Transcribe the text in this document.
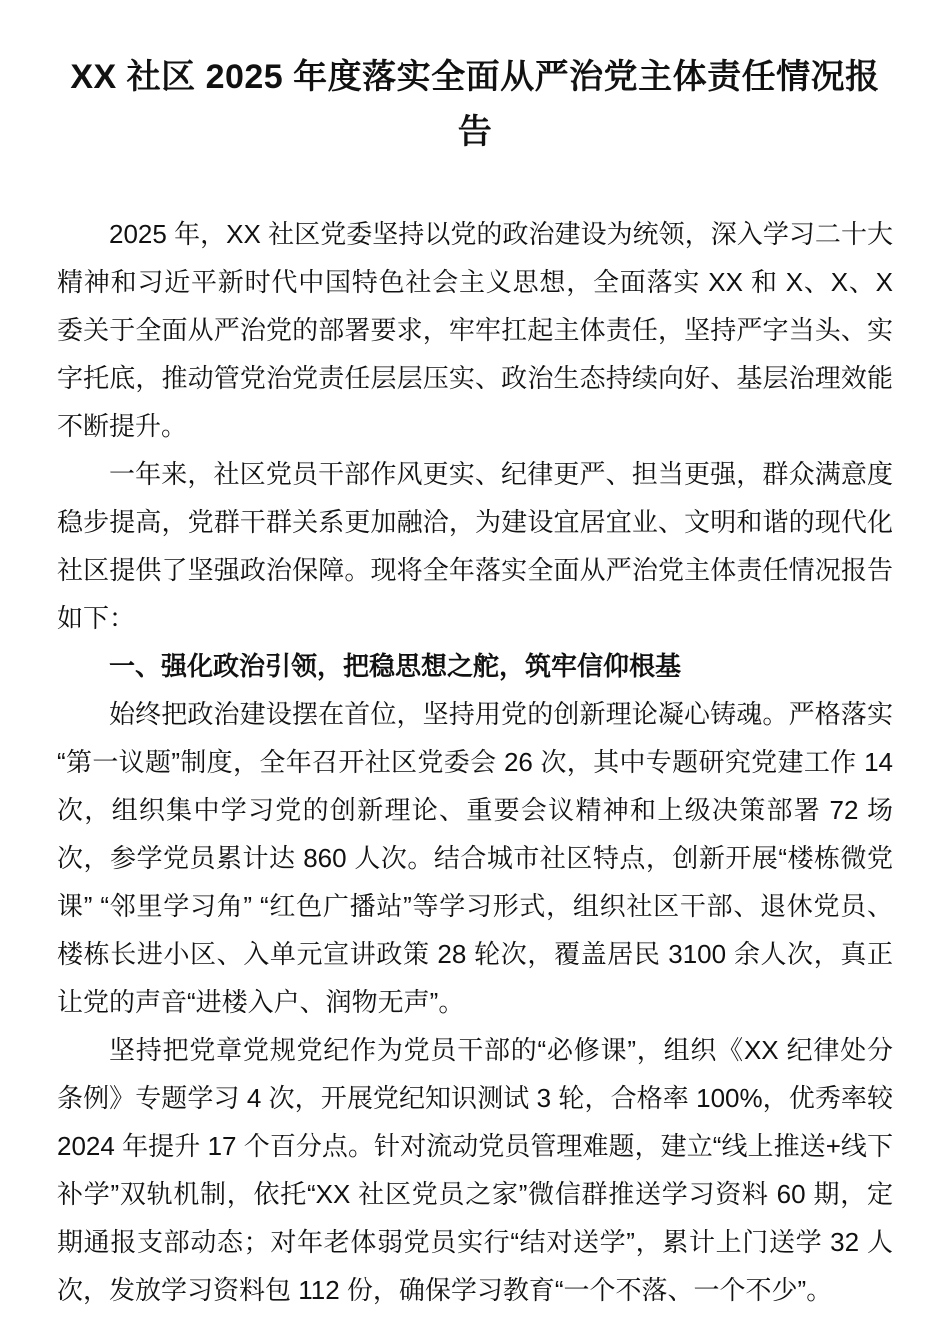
XX 社区 2025 年度落实全面从严治党主体责任情况报告

2025 年，XX 社区党委坚持以党的政治建设为统领，深入学习二十大精神和习近平新时代中国特色社会主义思想，全面落实 XX 和 X、X、X 委关于全面从严治党的部署要求，牢牢扛起主体责任，坚持严字当头、实字托底，推动管党治党责任层层压实、政治生态持续向好、基层治理效能不断提升。

一年来，社区党员干部作风更实、纪律更严、担当更强，群众满意度稳步提高，党群干群关系更加融洽，为建设宜居宜业、文明和谐的现代化社区提供了坚强政治保障。现将全年落实全面从严治党主体责任情况报告如下：

一、强化政治引领，把稳思想之舵，筑牢信仰根基

始终把政治建设摆在首位，坚持用党的创新理论凝心铸魂。严格落实“第一议题”制度，全年召开社区党委会 26 次，其中专题研究党建工作 14 次，组织集中学习党的创新理论、重要会议精神和上级决策部署 72 场次，参学党员累计达 860 人次。结合城市社区特点，创新开展“楼栋微党课” “邻里学习角” “红色广播站”等学习形式，组织社区干部、退休党员、楼栋长进小区、入单元宣讲政策 28 轮次，覆盖居民 3100 余人次，真正让党的声音“进楼入户、润物无声”。

坚持把党章党规党纪作为党员干部的“必修课”，组织《XX 纪律处分条例》专题学习 4 次，开展党纪知识测试 3 轮，合格率 100%，优秀率较 2024 年提升 17 个百分点。针对流动党员管理难题，建立“线上推送+线下补学”双轨机制，依托“XX 社区党员之家”微信群推送学习资料 60 期，定期通报支部动态；对年老体弱党员实行“结对送学”，累计上门送学 32 人次，发放学习资料包 112 份，确保学习教育“一个不落、一个不少”。
